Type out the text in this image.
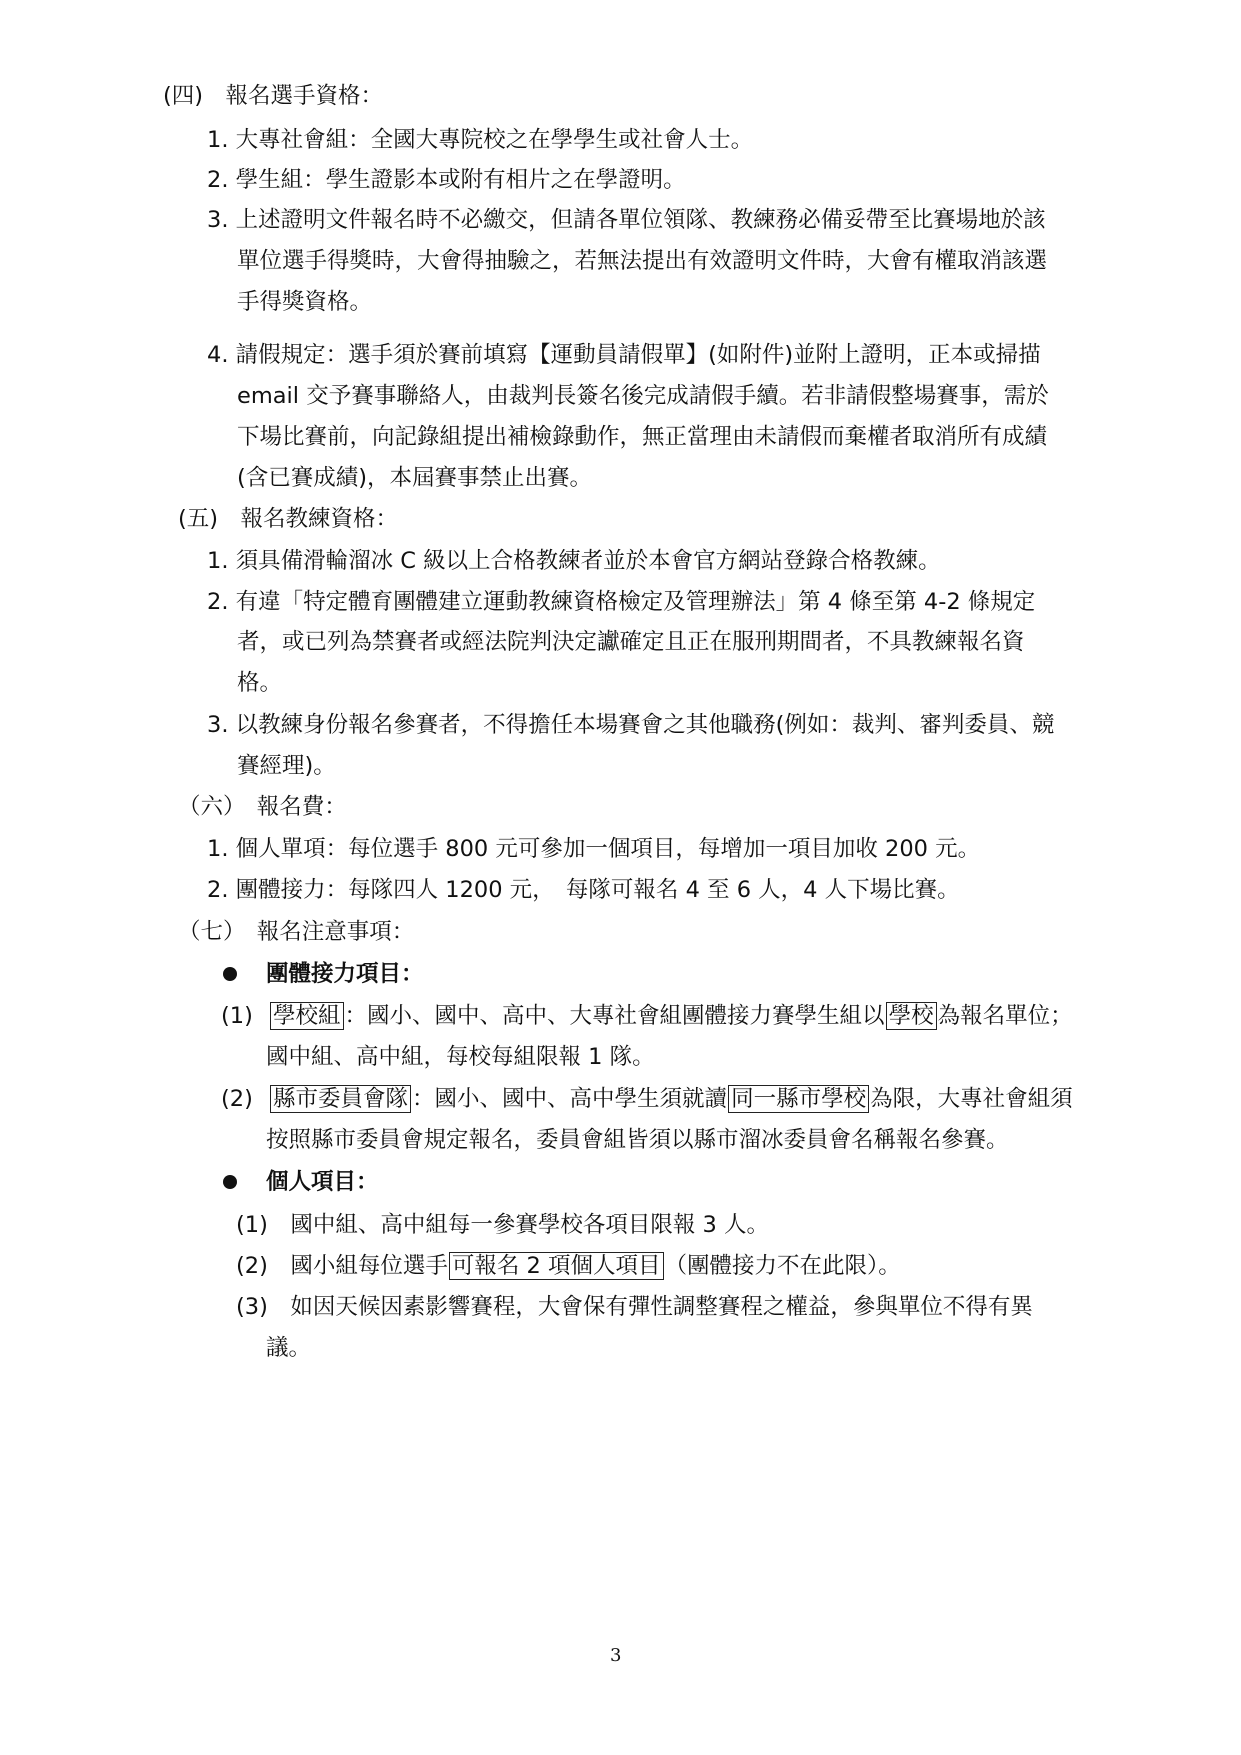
(四)　報名選手資格：
1. 大專社會組：全國大專院校之在學學生或社會人士。
2. 學生組：學生證影本或附有相片之在學證明。
3. 上述證明文件報名時不必繳交，但請各單位領隊、教練務必備妥帶至比賽場地於該
單位選手得獎時，大會得抽驗之，若無法提出有效證明文件時，大會有權取消該選
手得獎資格。
4. 請假規定：選手須於賽前填寫【運動員請假單】(如附件)並附上證明，正本或掃描
email 交予賽事聯絡人，由裁判長簽名後完成請假手續。若非請假整場賽事，需於
下場比賽前，向記錄組提出補檢錄動作，無正當理由未請假而棄權者取消所有成績
(含已賽成績)，本屆賽事禁止出賽。
(五)　報名教練資格：
1. 須具備滑輪溜冰 C 級以上合格教練者並於本會官方網站登錄合格教練。
2. 有違「特定體育團體建立運動教練資格檢定及管理辦法」第 4 條至第 4-2 條規定
者，或已列為禁賽者或經法院判決定讞確定且正在服刑期間者，不具教練報名資
格。
3. 以教練身份報名參賽者，不得擔任本場賽會之其他職務(例如：裁判、審判委員、競
賽經理)。
（六）　報名費：
1. 個人單項：每位選手 800 元可參加一個項目，每增加一項目加收 200 元。
2. 團體接力：每隊四人 1200 元，　每隊可報名 4 至 6 人，4 人下場比賽。
（七）　報名注意事項：
團體接力項目：
(1) 學校組 ：國小、國中、高中、大專社會組團體接力賽學生組以 學校 為報名單位；
國中組、高中組，每校每組限報 1 隊。
(2) 縣市委員會隊 ：國小、國中、高中學生須就讀 同一縣市學校 為限，大專社會組須
按照縣市委員會規定報名，委員會組皆須以縣市溜冰委員會名稱報名參賽。
個人項目：
(1)　國中組、高中組每一參賽學校各項目限報 3 人。
(2)　國小組每位選手 可報名 2 項個人項目 （團體接力不在此限）。
(3)　如因天候因素影響賽程，大會保有彈性調整賽程之權益，參與單位不得有異
議。
3
